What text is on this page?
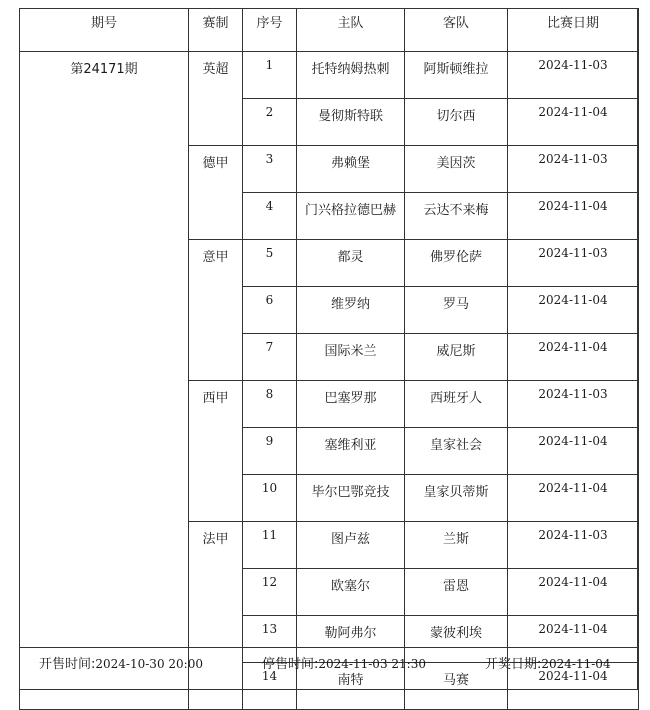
期号	赛制	序号	主队	客队	比赛日期
第24171期	英超	1	托特纳姆热刺	阿斯顿维拉	2024-11-03
		2	曼彻斯特联	切尔西	2024-11-04
	德甲	3	弗赖堡	美因茨	2024-11-03
		4	门兴格拉德巴赫	云达不来梅	2024-11-04
	意甲	5	都灵	佛罗伦萨	2024-11-03
		6	维罗纳	罗马	2024-11-04
		7	国际米兰	威尼斯	2024-11-04
	西甲	8	巴塞罗那	西班牙人	2024-11-03
		9	塞维利亚	皇家社会	2024-11-04
		10	毕尔巴鄂竞技	皇家贝蒂斯	2024-11-04
	法甲	11	图卢兹	兰斯	2024-11-03
		12	欧塞尔	雷恩	2024-11-04
		13	勒阿弗尔	蒙彼利埃	2024-11-04
		14	南特	马赛	2024-11-04
开售时间:2024-10-30 20:00	停售时间:2024-11-03 21:30	开奖日期:2024-11-04
